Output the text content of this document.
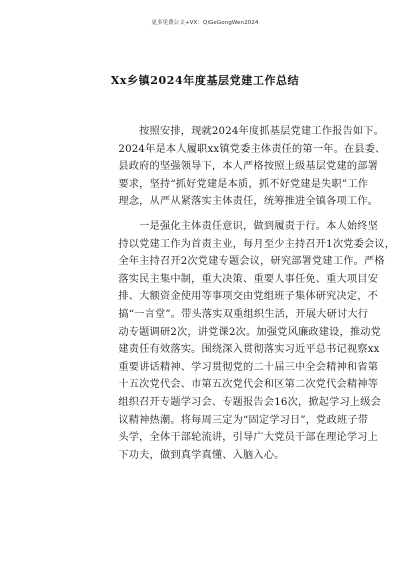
更多免费公文+VX：QiGeGongWen2024
Xx乡镇2024年度基层党建工作总结
　　按照安排，现就2024年度抓基层党建工作报告如下。
2024年是本人履职xx镇党委主体责任的第一年。在县委、
县政府的坚强领导下，本人严格按照上级基层党建的部署
要求，坚持“抓好党建是本质，抓不好党建是失职”工作
理念，从严从紧落实主体责任，统筹推进全镇各项工作。
　　一是强化主体责任意识，做到履责于行。本人始终坚
持以党建工作为首责主业，每月至少主持召开1次党委会议，
全年主持召开2次党建专题会议，研究部署党建工作。严格
落实民主集中制，重大决策、重要人事任免、重大项目安
排、大额资金使用等事项交由党组班子集体研究决定，不
搞“一言堂”。带头落实双重组织生活，开展大研讨大行
动专题调研2次，讲党课2次。加强党风廉政建设，推动党
建责任有效落实。围绕深入贯彻落实习近平总书记视察xx
重要讲话精神、学习贯彻党的二十届三中全会精神和省第
十五次党代会、市第五次党代会和区第二次党代会精神等
组织召开专题学习会、专题报告会16次，掀起学习上级会
议精神热潮。将每周三定为“固定学习日”，党政班子带
头学，全体干部轮流讲，引导广大党员干部在理论学习上
下功夫，做到真学真懂、入脑入心。
